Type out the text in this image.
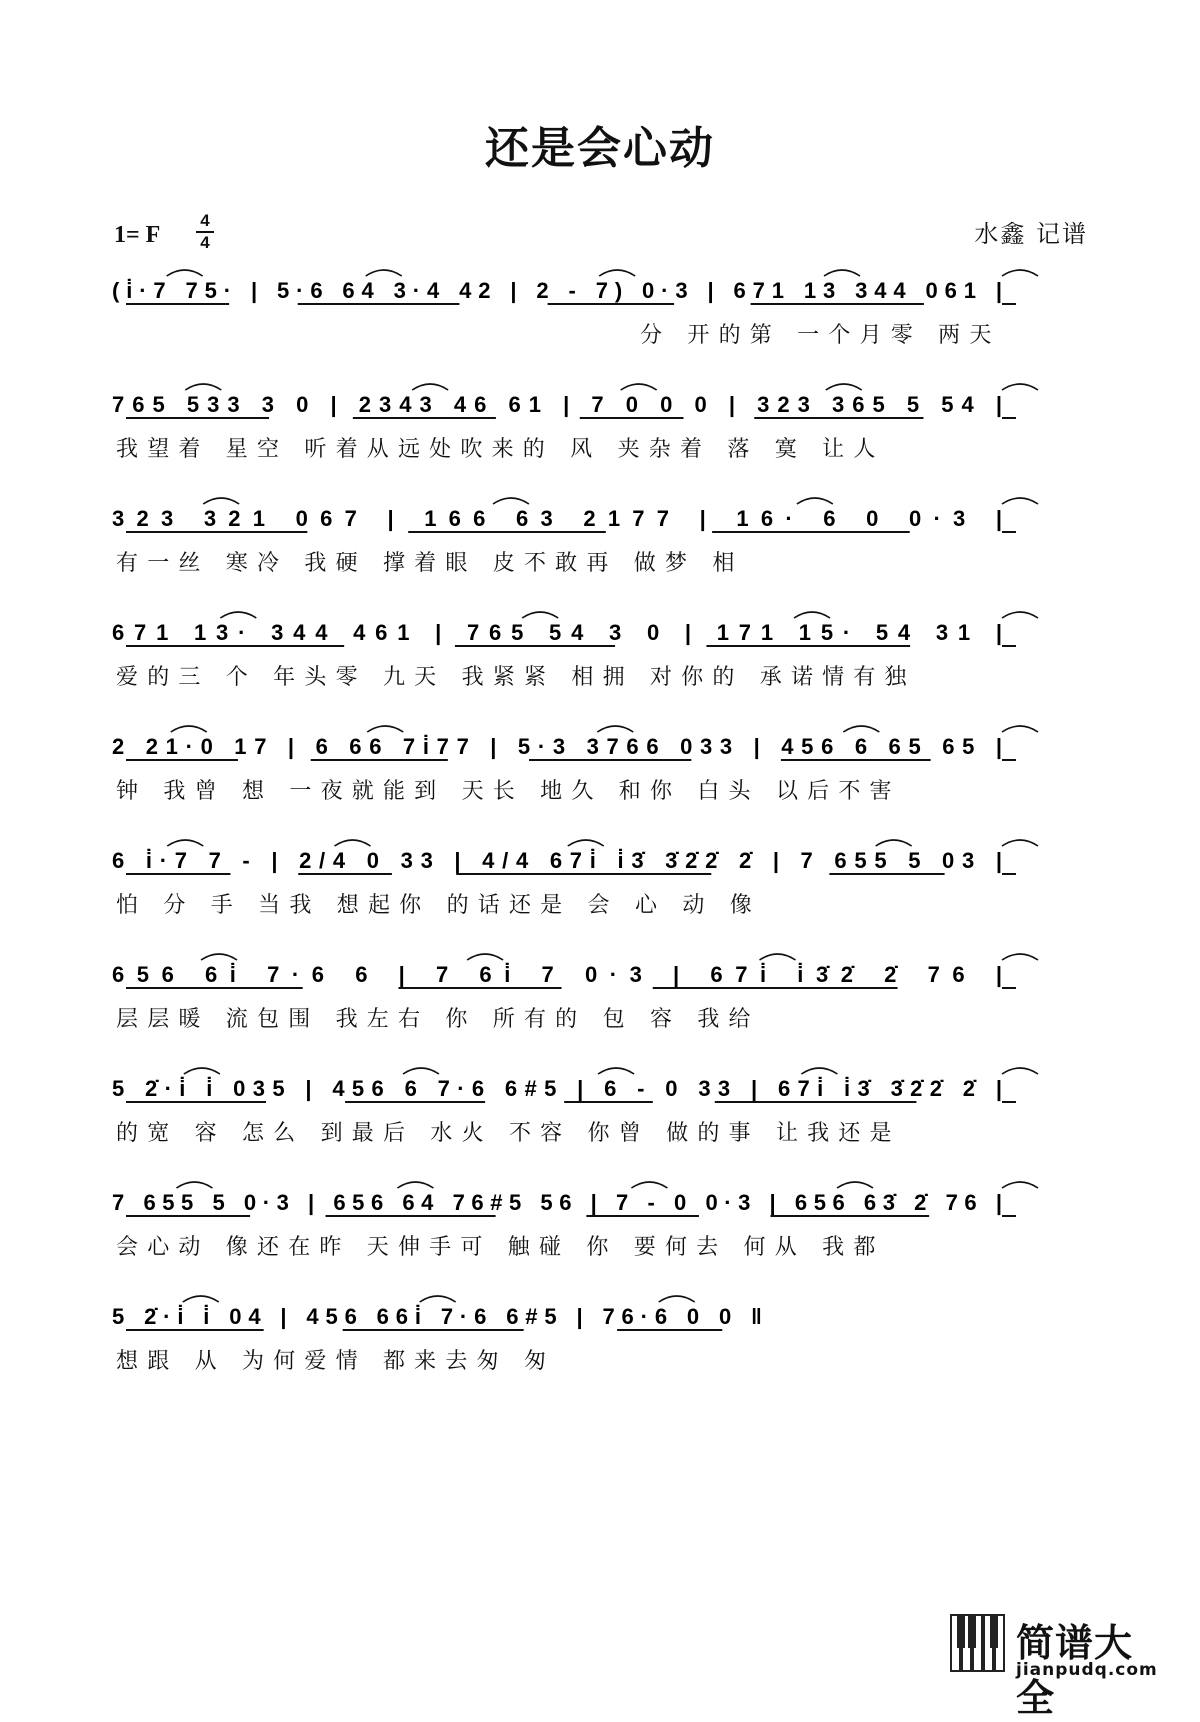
还是会心动
1= F
4
4	水鑫 记谱
(i̇·7 75· | 5·6 64 3·4 42 | 2 - 7) 0·3 | 671 13 344 061 |
分 开的第 一个月零 两天
765 533 3 0 | 2343 46 61 | 7 0 0 0 | 323 365 5 54 |
我望着 星空 听着从远处吹来的 风 夹杂着 落 寞 让人
323 321 067 | 166 63 2177 | 16· 6 0 0·3 |
有一丝 寒冷 我硬 撑着眼 皮不敢再 做梦 相
671 13· 344 461 | 765 54 3 0 | 171 15· 54 31 |
爱的三 个 年头零 九天 我紧紧 相拥 对你的 承诺情有独
2 21·0 17 | 6 66 7i̇77 | 5·3 3766 033 | 456 6 65 65 |
钟 我曾 想 一夜就能到 天长 地久 和你 白头 以后不害
6 i̇·7 7 - | 2/4 0 33 | 4/4 67i̇ i̇3̇ 3̇2̇2̇ 2̇ | 7 655 5 03 |
怕 分 手 当我 想起你 的话还是 会 心 动 像
656 6i̇ 7·6 6 | 7 6i̇ 7 0·3 | 67i̇ i̇3̇2̇ 2̇ 76 |
层层暖 流包围 我左右 你 所有的 包 容 我给
5 2̇·i̇ i̇ 035 | 456 6 7·6 6#5 | 6 - 0 33 | 67i̇ i̇3̇ 3̇2̇2̇ 2̇ |
的宽 容 怎么 到最后 水火 不容 你曾 做的事 让我还是
7 655 5 0·3 | 656 64 76#5 56 | 7 - 0 0·3 | 656 63̇ 2̇ 76 |
会心动 像还在昨 天伸手可 触碰 你 要何去 何从 我都
5 2̇·i̇ i̇ 04 | 456 66i̇ 7·6 6#5 | 76·6 0 0 ‖
想跟 从 为何爱情 都来去匆 匆
简谱大全
jianpudq.com
